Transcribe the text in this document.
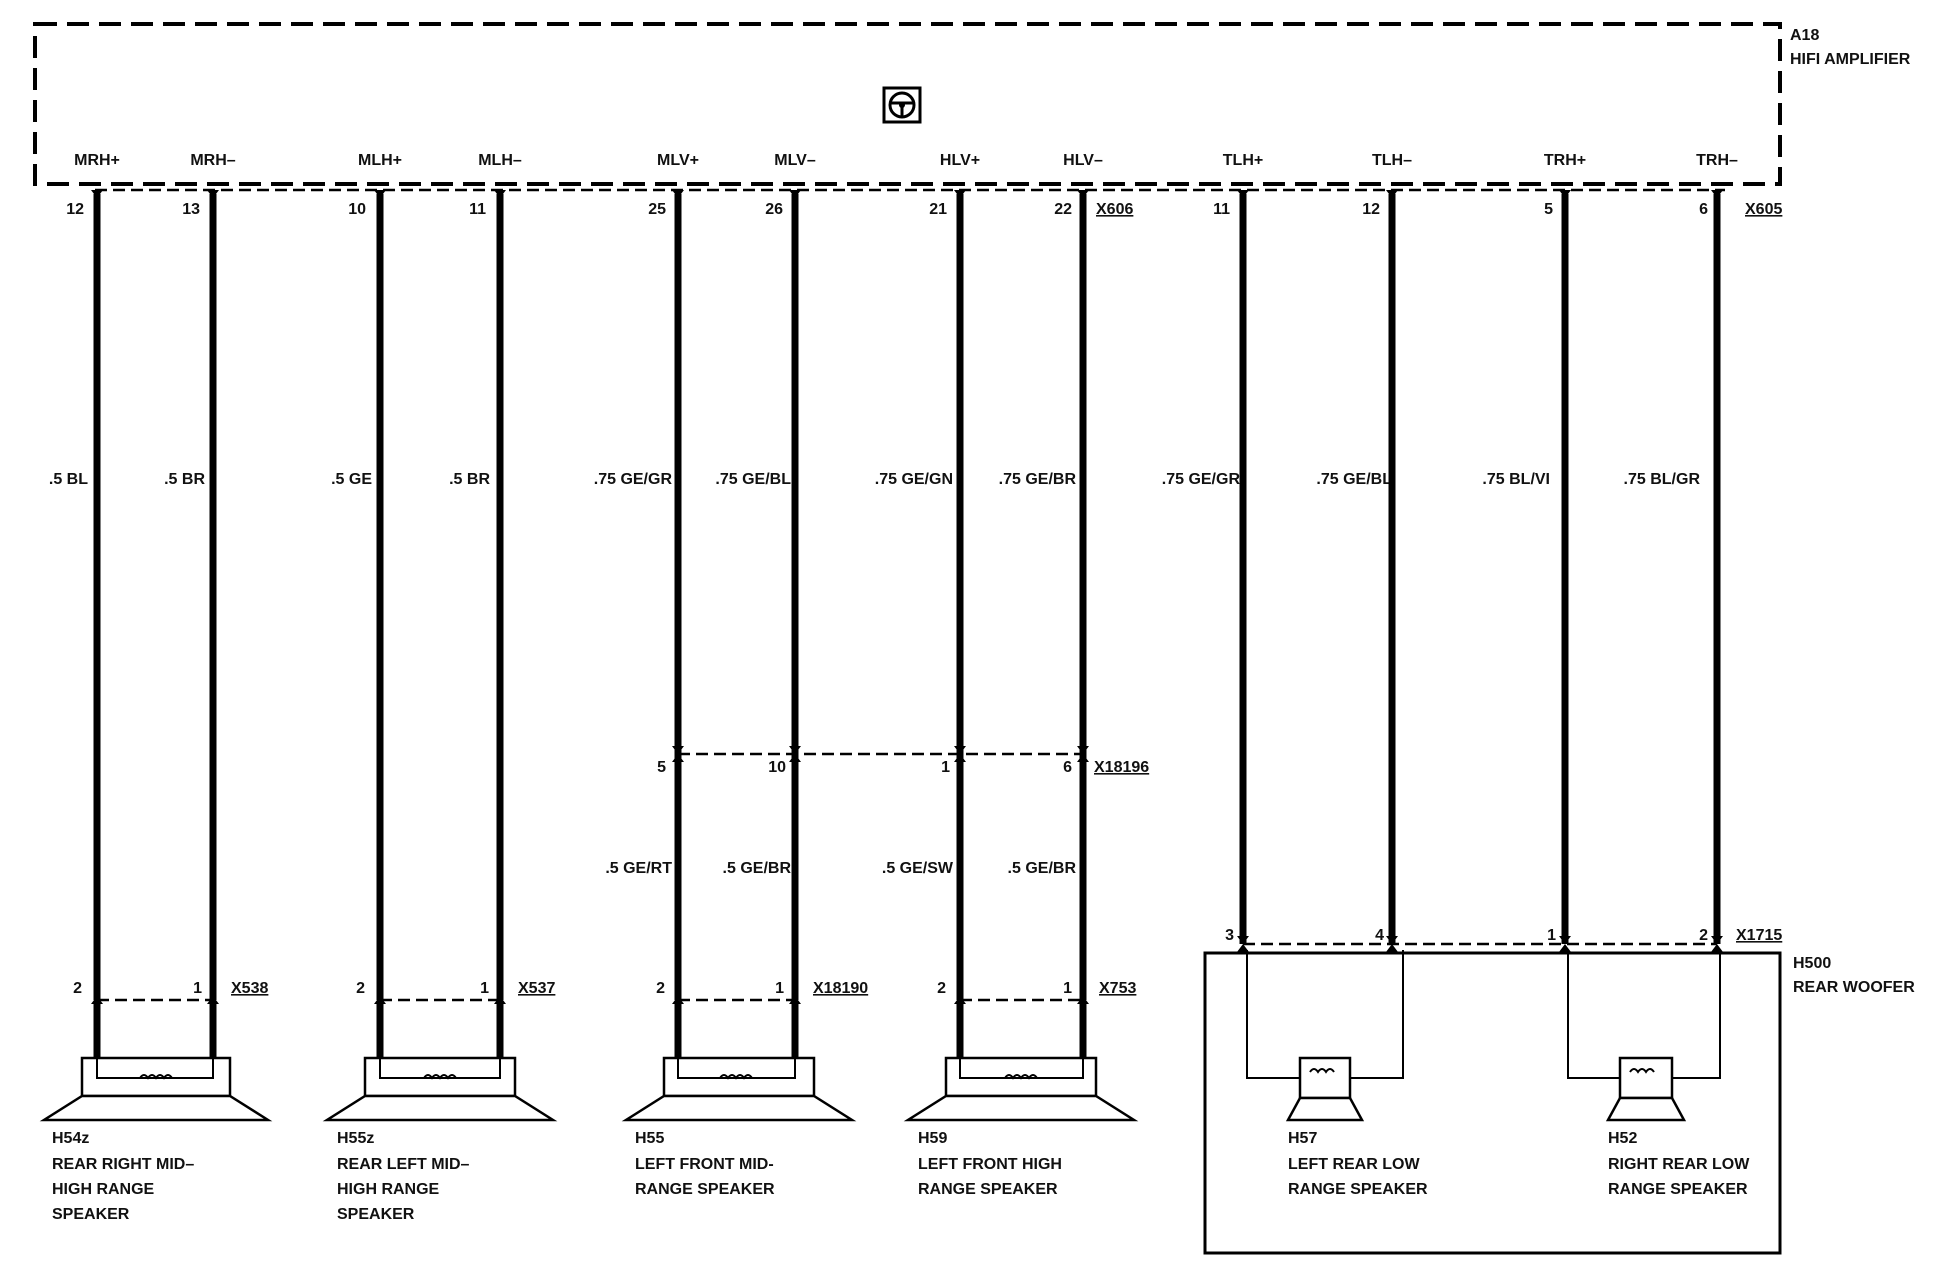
A18
HIFI AMPLIFIER
X606	X605
MRH+	MRH–	MLH+	MLH–	MLV+	MLV–	HLV+	HLV–	TLH+	TLH–	TRH+	TRH–
12	13	10	11	25	26	21	22	11	12	5	6
.5 BL	.5 BR	.5 GE	.5 BR	.75 GE/GR	.75 GE/BL	.75 GE/GN	.75 GE/BR	.75 GE/GR	.75 GE/BL	.75 BL/VI	.75 BL/GR
X18196
5	10	1	6
.5 GE/RT	.5 GE/BR	.5 GE/SW	.5 GE/BR
X1715
3	4	1	2
2	1 X538	2	1 X537	2	1 X18190	2	1 X753
H500
REAR WOOFER
H54z
REAR RIGHT MID–
HIGH RANGE
SPEAKER
H55z
REAR LEFT MID–
HIGH RANGE
SPEAKER
H55
LEFT FRONT MID-
RANGE SPEAKER
H59
LEFT FRONT HIGH
RANGE SPEAKER
H57
LEFT REAR LOW
RANGE SPEAKER
H52
RIGHT REAR LOW
RANGE SPEAKER
